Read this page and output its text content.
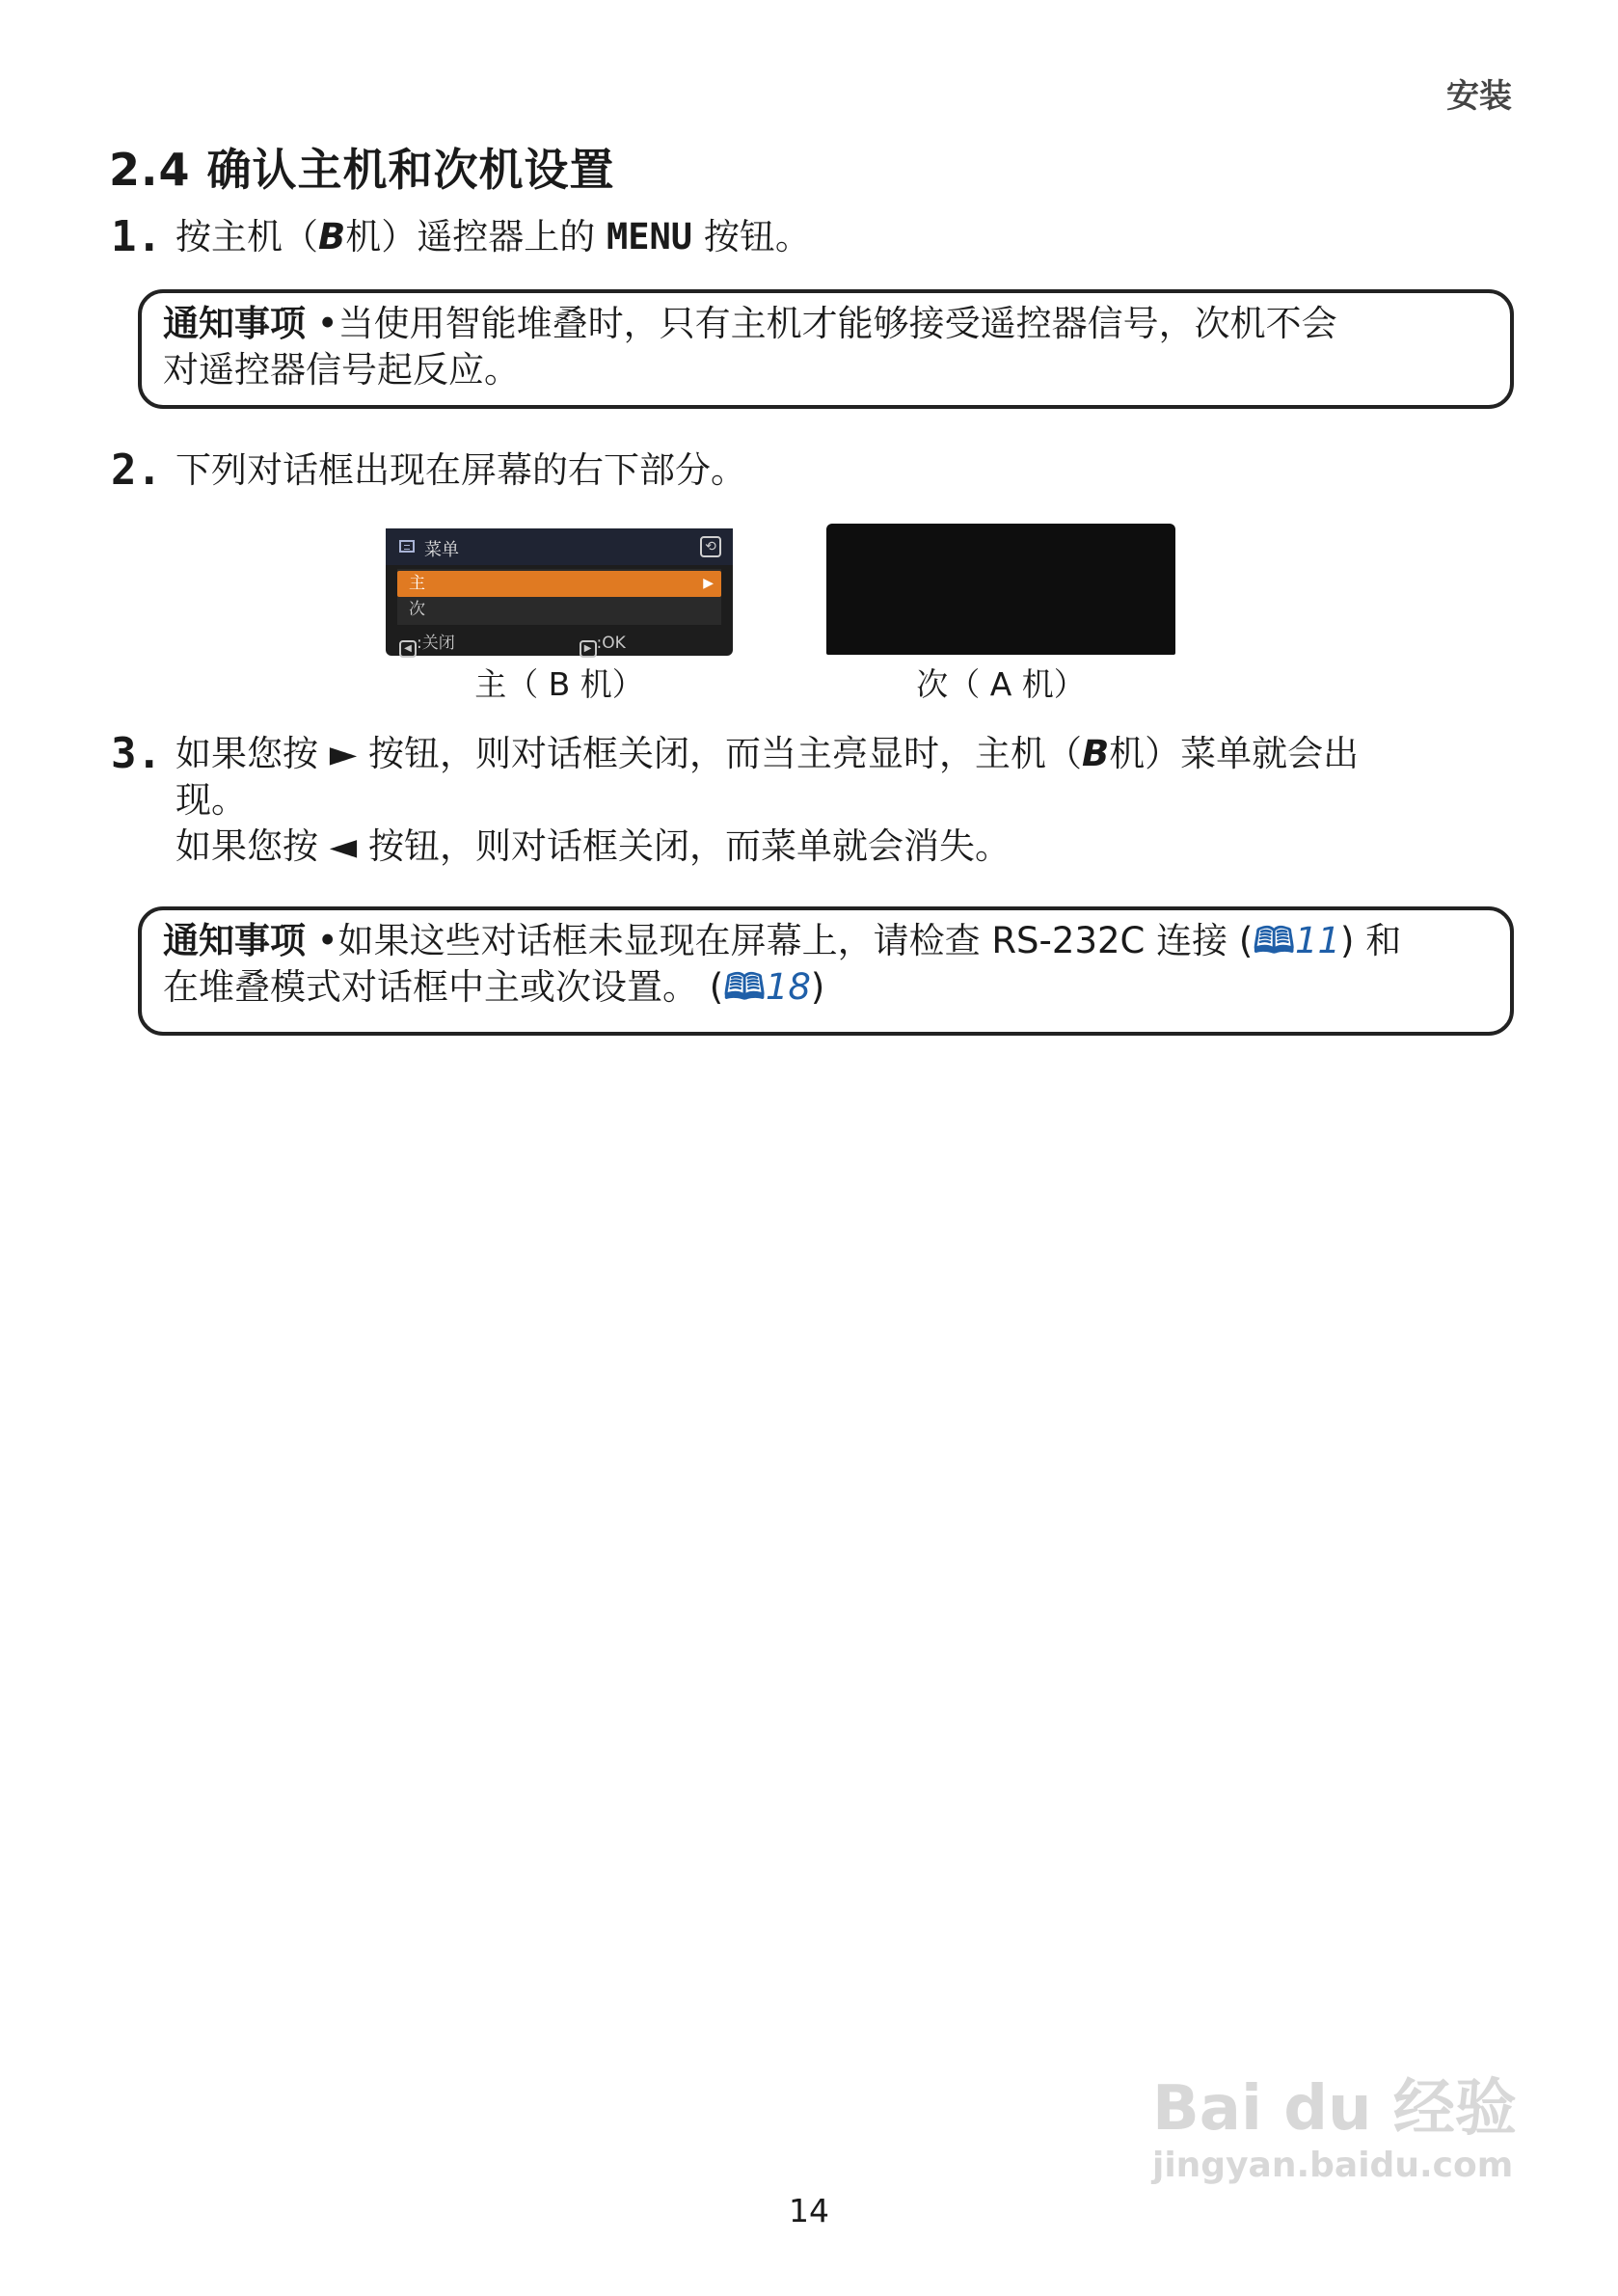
安装
2.4 确认主机和次机设置
1. 按主机（B机）遥控器上的 MENU 按钮。
通知事项 •当使用智能堆叠时，只有主机才能够接受遥控器信号，次机不会
对遥控器信号起反应。
2. 下列对话框出现在屏幕的右下部分。
菜单	⟲
主	▶
次
◀ :关闭	▶ :OK
主（ B 机）	次（ A 机）
3. 如果您按 ► 按钮，则对话框关闭，而当主亮显时，主机（B机）菜单就会出
现。
如果您按 ◄ 按钮，则对话框关闭，而菜单就会消失。
通知事项 •如果这些对话框未显现在屏幕上，请检查 RS-232C 连接 (🕮11) 和
在堆叠模式对话框中主或次设置。 (🕮18)
Bai du 经验
jingyan.baidu.com
14
